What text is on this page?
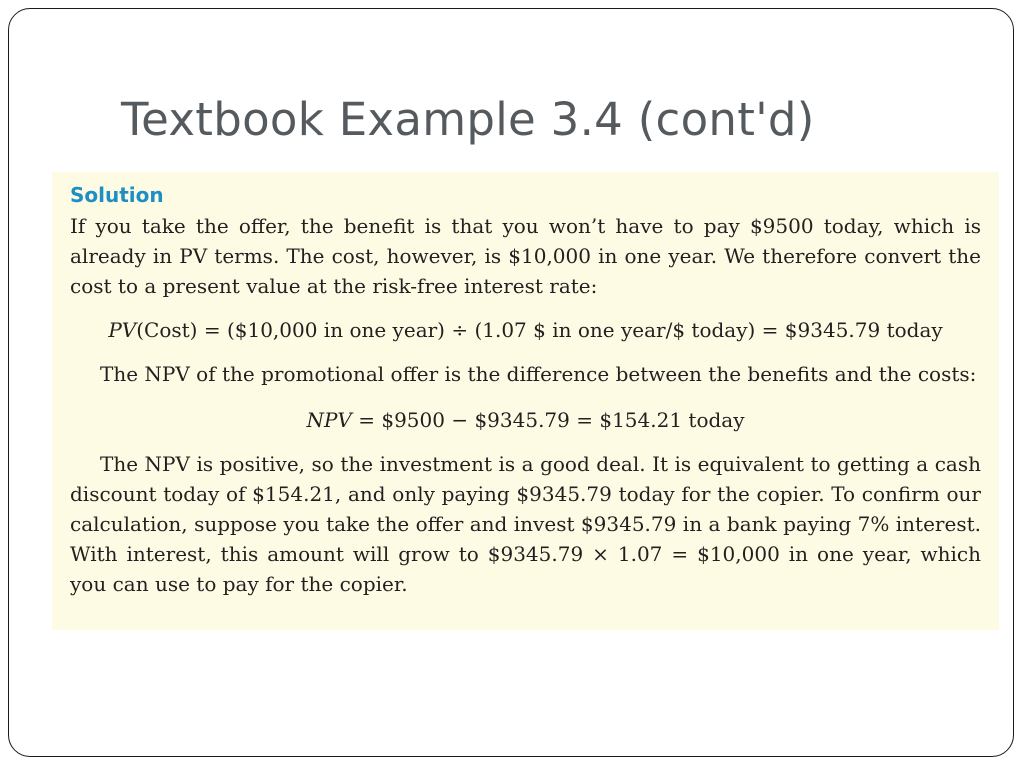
Textbook Example 3.4 (cont'd)
Solution

If you take the offer, the benefit is that you won’t have to pay $9500 today, which is already in PV terms. The cost, however, is $10,000 in one year. We therefore convert the cost to a present value at the risk-free interest rate:

PV(Cost) = ($10,000 in one year) ÷ (1.07 $ in one year/$ today) = $9345.79 today

The NPV of the promotional offer is the difference between the benefits and the costs:

NPV = $9500 − $9345.79 = $154.21 today

The NPV is positive, so the investment is a good deal. It is equivalent to getting a cash discount today of $154.21, and only paying $9345.79 today for the copier. To confirm our calculation, suppose you take the offer and invest $9345.79 in a bank paying 7% interest. With interest, this amount will grow to $9345.79 × 1.07 = $10,000 in one year, which you can use to pay for the copier.
